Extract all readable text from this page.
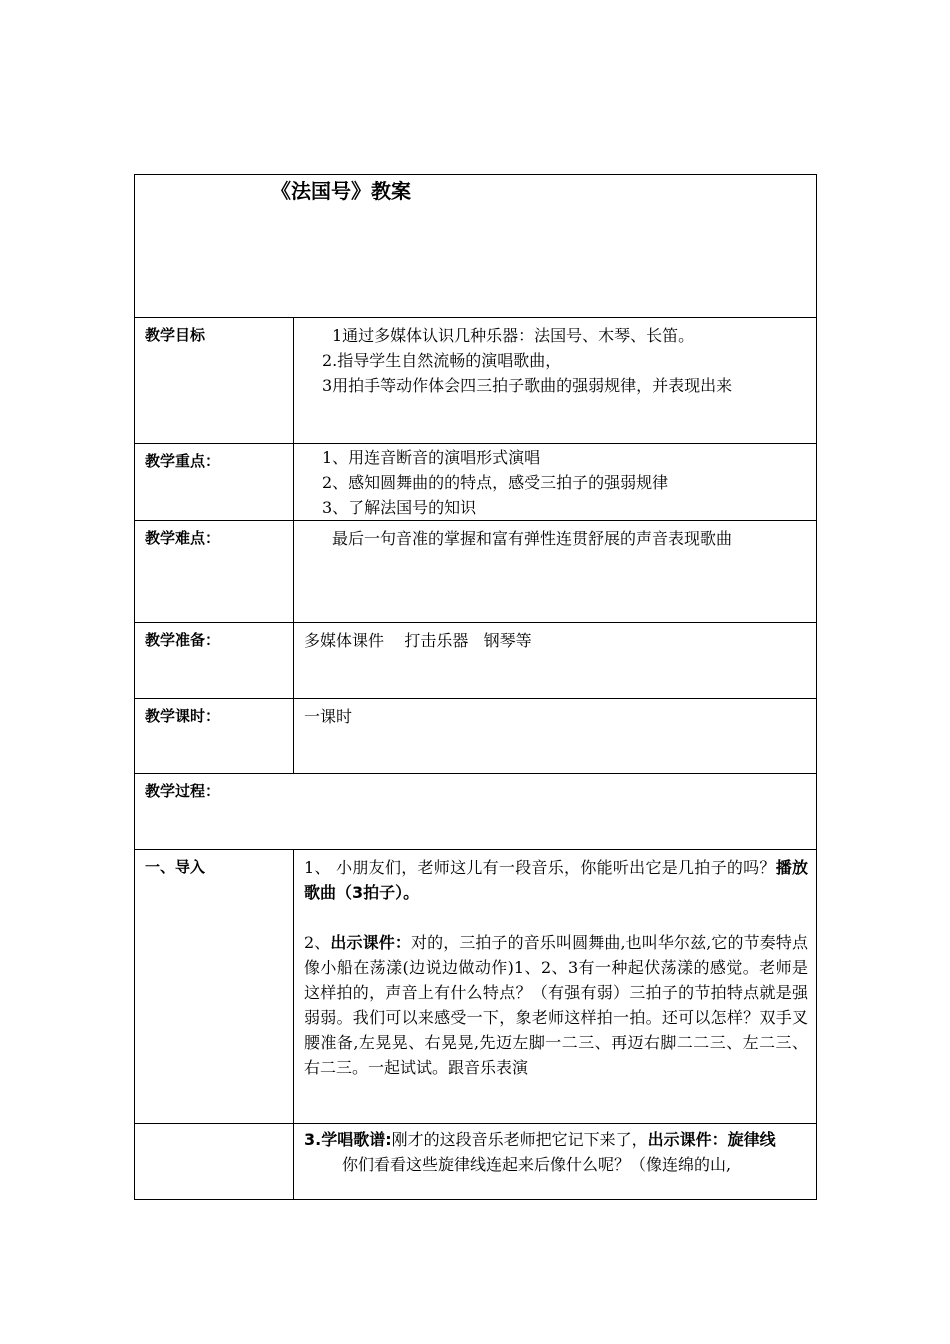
《法国号》教案	

教学目标	1通过多媒体认识几种乐器：法国号、木琴、长笛。
2.指导学生自然流畅的演唱歌曲，
3用拍手等动作体会四三拍子歌曲的强弱规律，并表现出来

教学重点：	1、用连音断音的演唱形式演唱
2、感知圆舞曲的的特点，感受三拍子的强弱规律
3、了解法国号的知识

教学难点：	最后一句音准的掌握和富有弹性连贯舒展的声音表现歌曲

教学准备：	多媒体课件    打击乐器   钢琴等

教学课时：	一课时

教学过程：	
一、导入	1、 小朋友们，老师这儿有一段音乐，你能听出它是几拍子的吗？播放歌曲（3拍子）。
2、出示课件：对的，三拍子的音乐叫圆舞曲,也叫华尔兹,它的节奏特点像小船在荡漾(边说边做动作)1、2、3有一种起伏荡漾的感觉。老师是这样拍的，声音上有什么特点？（有强有弱）三拍子的节拍特点就是强弱弱。我们可以来感受一下，象老师这样拍一拍。还可以怎样？双手叉腰准备,左晃晃、右晃晃,先迈左脚一二三、再迈右脚二二三、左二三、右二三。一起试试。跟音乐表演

	3.学唱歌谱:刚才的这段音乐老师把它记下来了，出示课件：旋律线
你们看看这些旋律线连起来后像什么呢？（像连绵的山,
